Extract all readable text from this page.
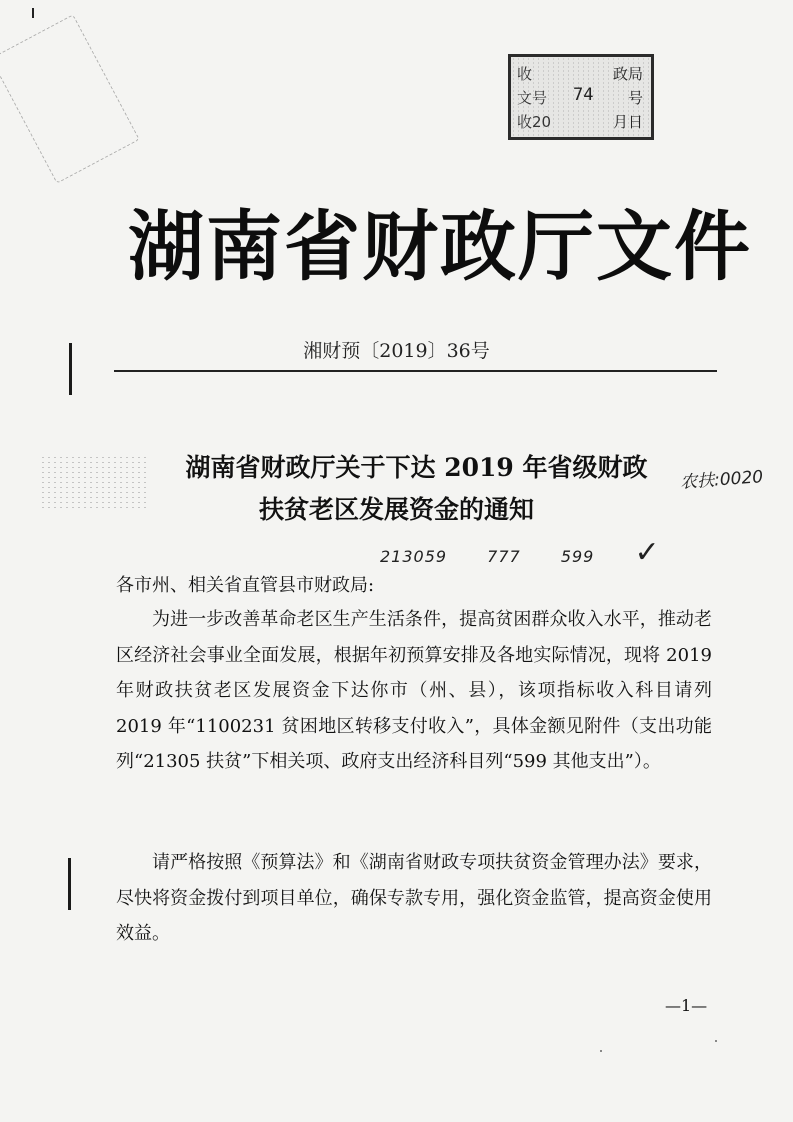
收	政局
文号 74 号
收20	月日
湖南省财政厅文件
湘财预〔2019〕36号
湖南省财政厅关于下达 2019 年省级财政
扶贫老区发展资金的通知
农扶:0020
213059	777	599 ✓
各市州、相关省直管县市财政局:
为进一步改善革命老区生产生活条件，提高贫困群众收入水平，推动老区经济社会事业全面发展，根据年初预算安排及各地实际情况，现将 2019 年财政扶贫老区发展资金下达你市（州、县），该项指标收入科目请列 2019 年“1100231 贫困地区转移支付收入”，具体金额见附件（支出功能列“21305 扶贫”下相关项、政府支出经济科目列“599 其他支出”）。
请严格按照《预算法》和《湖南省财政专项扶贫资金管理办法》要求，尽快将资金拨付到项目单位，确保专款专用，强化资金监管，提高资金使用效益。
—1—
